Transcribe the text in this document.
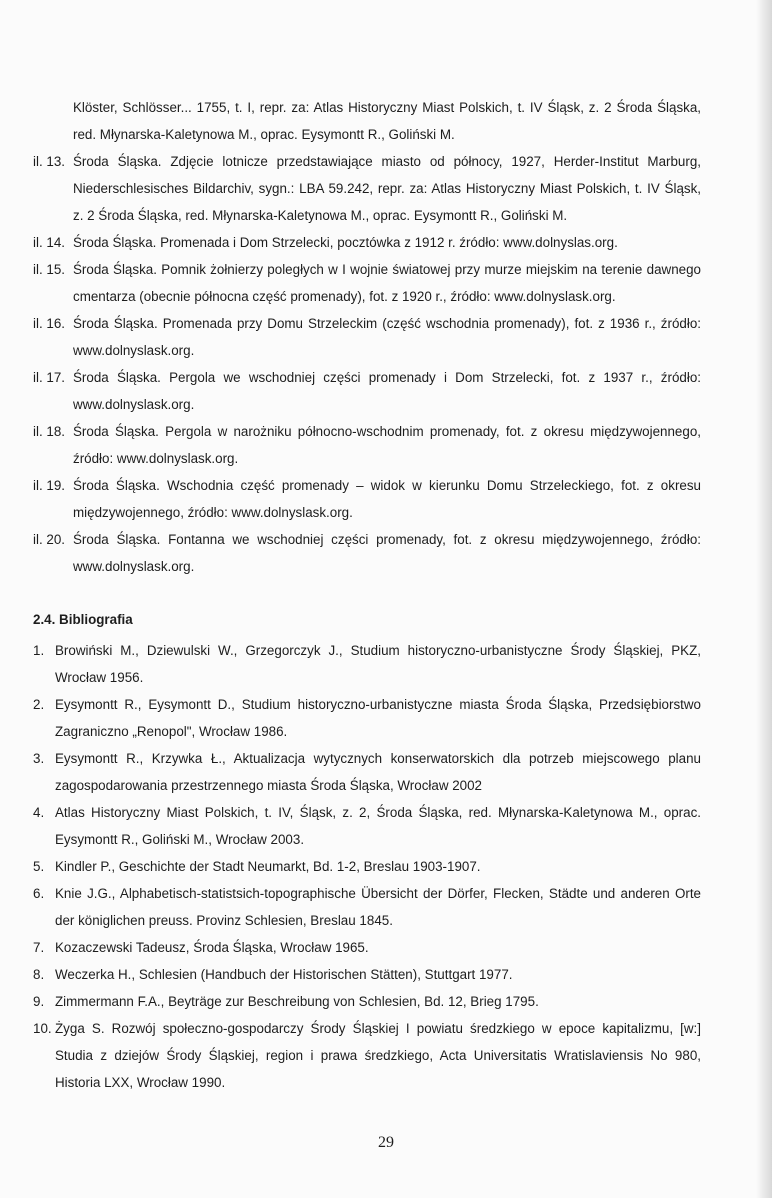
Klöster, Schlösser... 1755, t. I, repr. za: Atlas Historyczny Miast Polskich, t. IV Śląsk, z. 2 Środa Śląska, red. Młynarska-Kaletynowa M., oprac. Eysymontt R., Goliński M.
il. 13. Środa Śląska. Zdjęcie lotnicze przedstawiające miasto od północy, 1927, Herder-Institut Marburg, Niederschlesisches Bildarchiv, sygn.: LBA 59.242, repr. za: Atlas Historyczny Miast Polskich, t. IV Śląsk, z. 2 Środa Śląska, red. Młynarska-Kaletynowa M., oprac. Eysymontt R., Goliński M.
il. 14. Środa Śląska. Promenada i Dom Strzelecki, pocztówka z 1912 r. źródło: www.dolnyslas.org.
il. 15. Środa Śląska. Pomnik żołnierzy poległych w I wojnie światowej przy murze miejskim na terenie dawnego cmentarza (obecnie północna część promenady), fot. z 1920 r., źródło: www.dolnyslask.org.
il. 16. Środa Śląska. Promenada przy Domu Strzeleckim (część wschodnia promenady), fot. z 1936 r., źródło: www.dolnyslask.org.
il. 17. Środa Śląska. Pergola we wschodniej części promenady i Dom Strzelecki, fot. z 1937 r., źródło: www.dolnyslask.org.
il. 18. Środa Śląska. Pergola w narożniku północno-wschodnim promenady, fot. z okresu międzywojennego, źródło: www.dolnyslask.org.
il. 19. Środa Śląska. Wschodnia część promenady – widok w kierunku Domu Strzeleckiego, fot. z okresu międzywojennego, źródło: www.dolnyslask.org.
il. 20. Środa Śląska. Fontanna we wschodniej części promenady, fot. z okresu międzywojennego, źródło: www.dolnyslask.org.
2.4. Bibliografia
1. Browiński M., Dziewulski W., Grzegorczyk J., Studium historyczno-urbanistyczne Środy Śląskiej, PKZ, Wrocław 1956.
2. Eysymontt R., Eysymontt D., Studium historyczno-urbanistyczne miasta Środa Śląska, Przedsiębiorstwo Zagraniczno „Renopol", Wrocław 1986.
3. Eysymontt R., Krzywka Ł., Aktualizacja wytycznych konserwatorskich dla potrzeb miejscowego planu zagospodarowania przestrzennego miasta Środa Śląska, Wrocław 2002
4. Atlas Historyczny Miast Polskich, t. IV, Śląsk, z. 2, Środa Śląska, red. Młynarska-Kaletynowa M., oprac. Eysymontt R., Goliński M., Wrocław 2003.
5. Kindler P., Geschichte der Stadt Neumarkt, Bd. 1-2, Breslau 1903-1907.
6. Knie J.G., Alphabetisch-statistsich-topographische Übersicht der Dörfer, Flecken, Städte und anderen Orte der königlichen preuss. Provinz Schlesien, Breslau 1845.
7. Kozaczewski Tadeusz, Środa Śląska, Wrocław 1965.
8. Weczerka H., Schlesien (Handbuch der Historischen Stätten), Stuttgart 1977.
9. Zimmermann F.A., Beyträge zur Beschreibung von Schlesien, Bd. 12, Brieg 1795.
10. Żyga S. Rozwój społeczno-gospodarczy Środy Śląskiej I powiatu średzkiego w epoce kapitalizmu, [w:] Studia z dziejów Środy Śląskiej, region i prawa średzkiego, Acta Universitatis Wratislaviensis No 980, Historia LXX, Wrocław 1990.
29
